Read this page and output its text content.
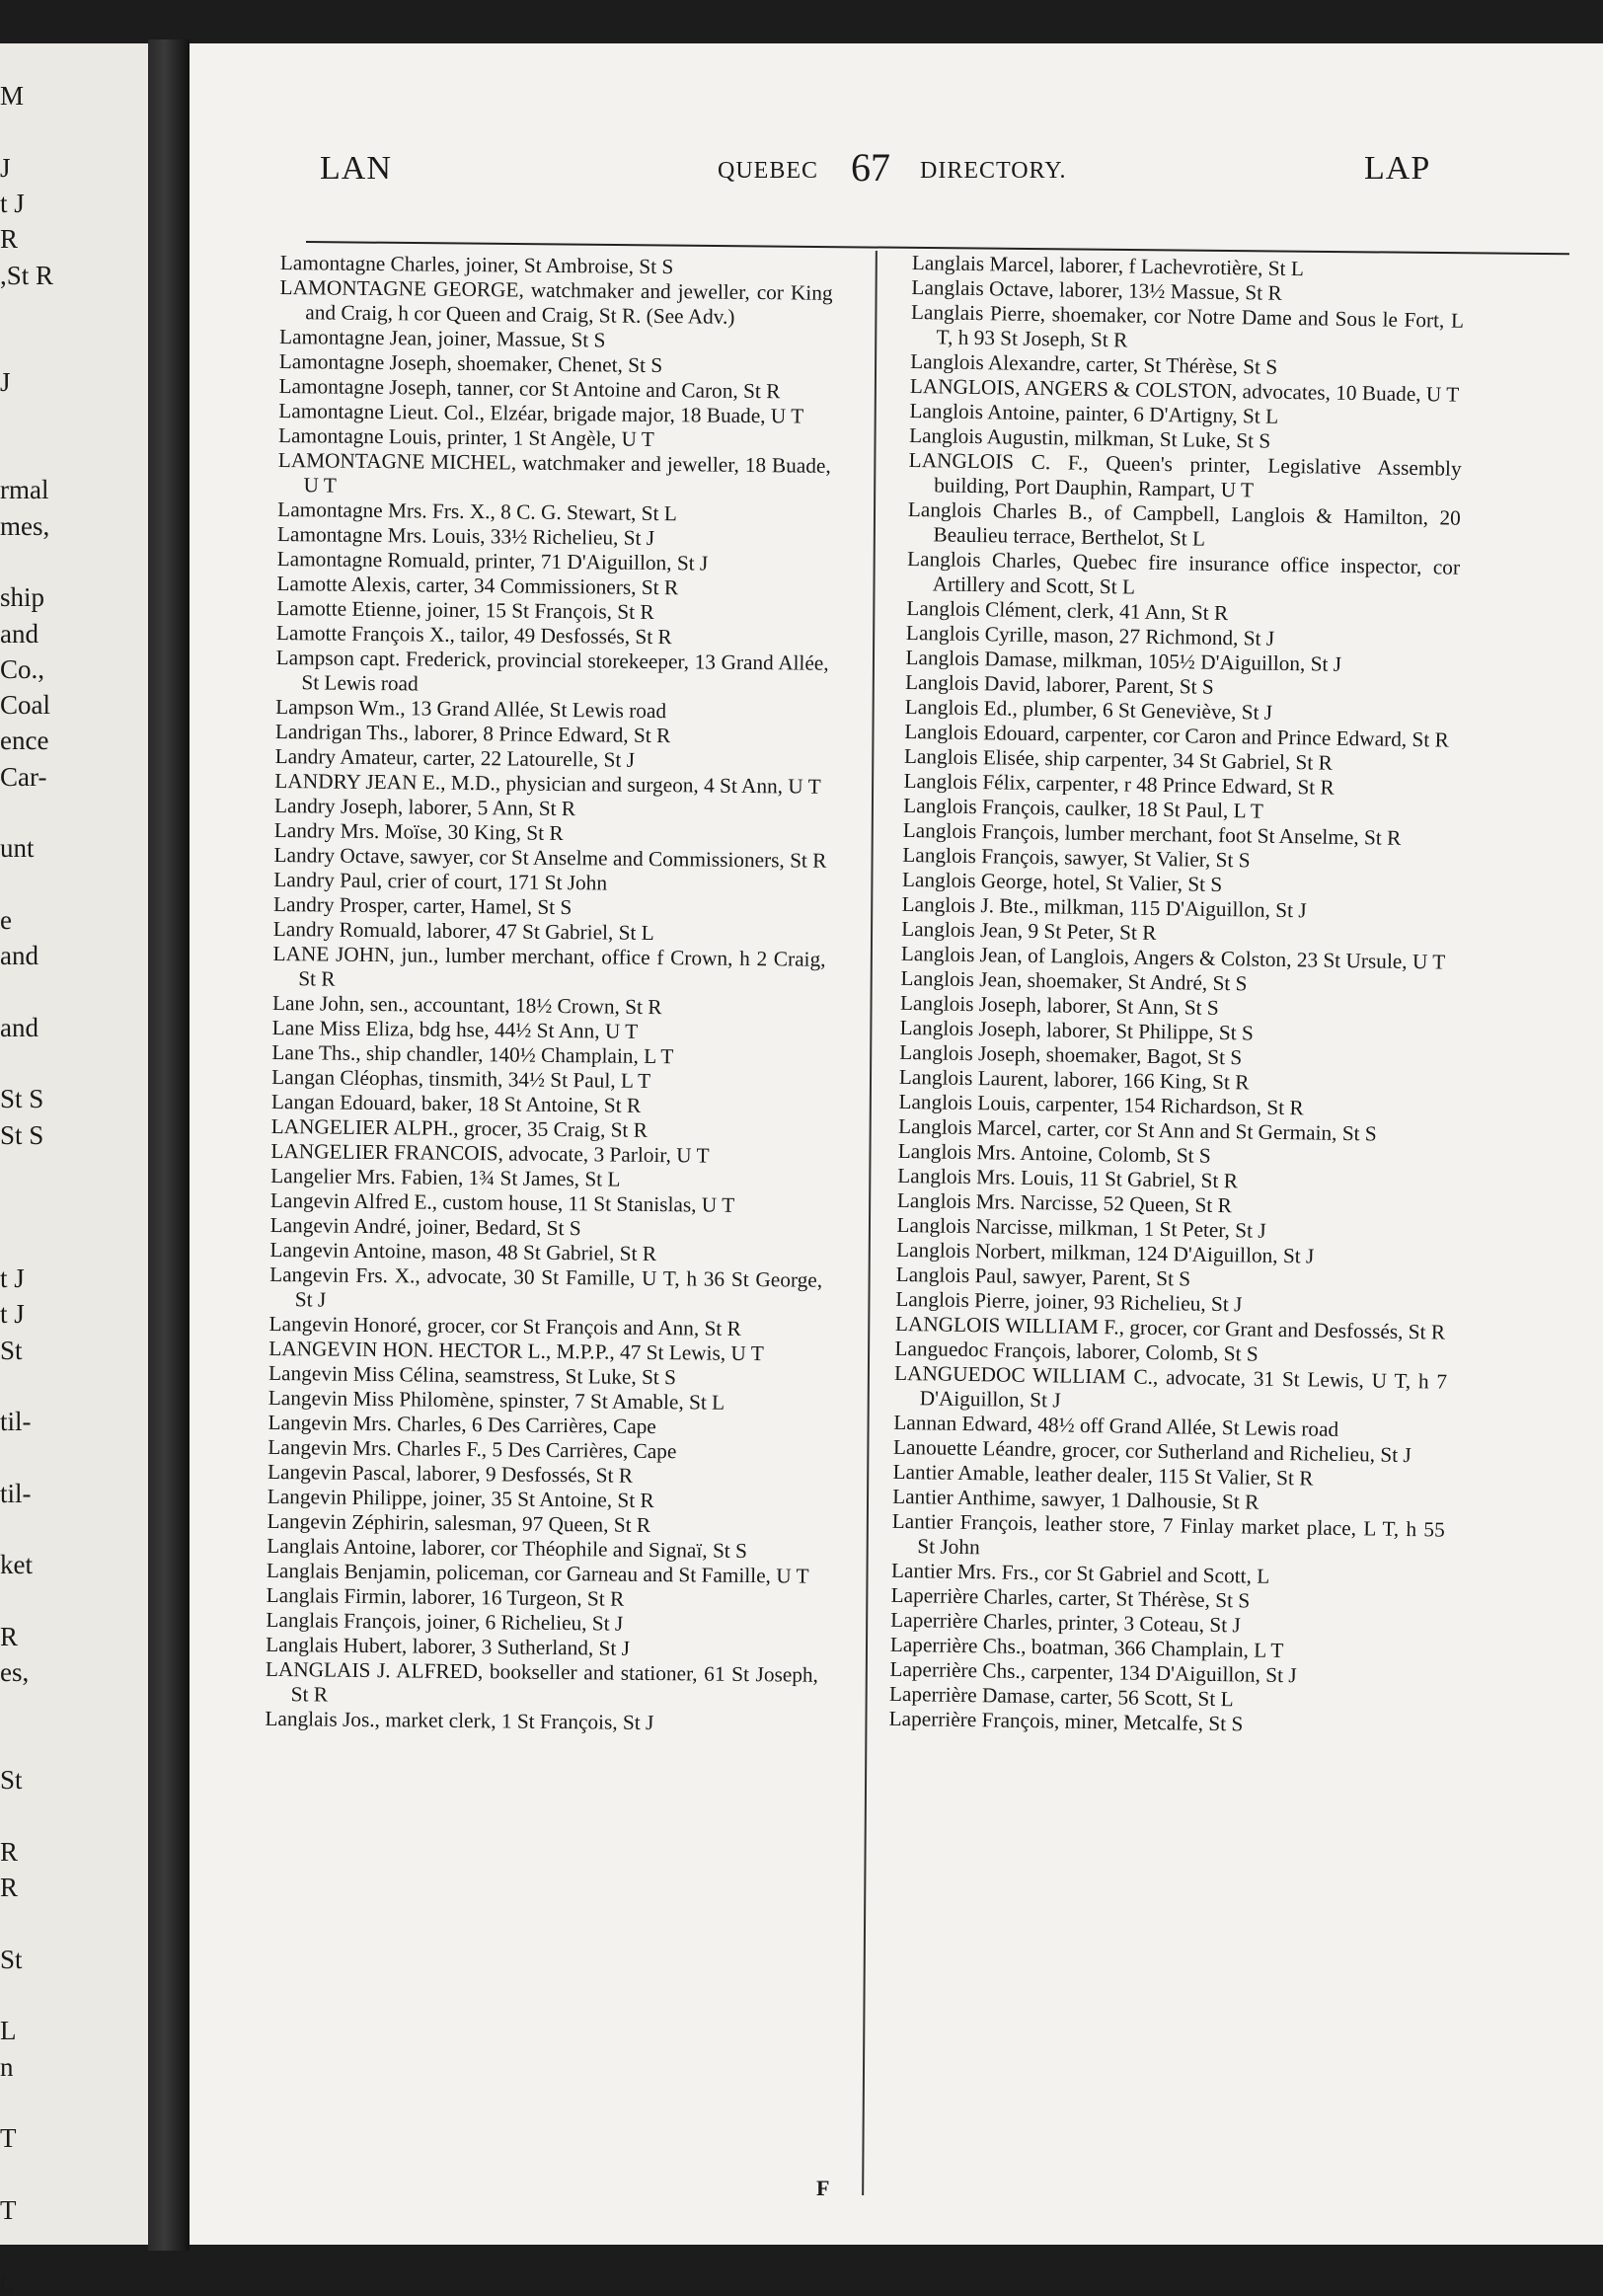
M
J
t J
R
,St R
J
rmal
mes,
ship
and
Co.,
Coal
ence
Car-
unt
e
and
and
St S
St S
t J
t J
St
til-
til-
ket
R
es,
St
R
R
St
L
n
T
T
t,
LAN	QUEBEC 67 DIRECTORY.	LAP

Lamontagne Charles, joiner, St Ambroise, St S

LAMONTAGNE GEORGE, watchmaker and jeweller, cor King and Craig, h cor Queen and Craig, St R. (See Adv.)

Lamontagne Jean, joiner, Massue, St S

Lamontagne Joseph, shoemaker, Chenet, St S

Lamontagne Joseph, tanner, cor St Antoine and Caron, St R

Lamontagne Lieut. Col., Elzéar, brigade major, 18 Buade, U T

Lamontagne Louis, printer, 1 St Angèle, U T

LAMONTAGNE MICHEL, watchmaker and jeweller, 18 Buade, U T

Lamontagne Mrs. Frs. X., 8 C. G. Stewart, St L

Lamontagne Mrs. Louis, 33½ Richelieu, St J

Lamontagne Romuald, printer, 71 D'Aiguillon, St J

Lamotte Alexis, carter, 34 Commissioners, St R

Lamotte Etienne, joiner, 15 St François, St R

Lamotte François X., tailor, 49 Desfossés, St R

Lampson capt. Frederick, provincial storekeeper, 13 Grand Allée, St Lewis road

Lampson Wm., 13 Grand Allée, St Lewis road

Landrigan Ths., laborer, 8 Prince Edward, St R

Landry Amateur, carter, 22 Latourelle, St J

LANDRY JEAN E., M.D., physician and surgeon, 4 St Ann, U T

Landry Joseph, laborer, 5 Ann, St R

Landry Mrs. Moïse, 30 King, St R

Landry Octave, sawyer, cor St Anselme and Commissioners, St R

Landry Paul, crier of court, 171 St John

Landry Prosper, carter, Hamel, St S

Landry Romuald, laborer, 47 St Gabriel, St L

LANE JOHN, jun., lumber merchant, office f Crown, h 2 Craig, St R

Lane John, sen., accountant, 18½ Crown, St R

Lane Miss Eliza, bdg hse, 44½ St Ann, U T

Lane Ths., ship chandler, 140½ Champlain, L T

Langan Cléophas, tinsmith, 34½ St Paul, L T

Langan Edouard, baker, 18 St Antoine, St R

LANGELIER ALPH., grocer, 35 Craig, St R

LANGELIER FRANCOIS, advocate, 3 Parloir, U T

Langelier Mrs. Fabien, 1¾ St James, St L

Langevin Alfred E., custom house, 11 St Stanislas, U T

Langevin André, joiner, Bedard, St S

Langevin Antoine, mason, 48 St Gabriel, St R

Langevin Frs. X., advocate, 30 St Famille, U T, h 36 St George, St J

Langevin Honoré, grocer, cor St François and Ann, St R

LANGEVIN HON. HECTOR L., M.P.P., 47 St Lewis, U T

Langevin Miss Célina, seamstress, St Luke, St S

Langevin Miss Philomène, spinster, 7 St Amable, St L

Langevin Mrs. Charles, 6 Des Carrières, Cape

Langevin Mrs. Charles F., 5 Des Carrières, Cape

Langevin Pascal, laborer, 9 Desfossés, St R

Langevin Philippe, joiner, 35 St Antoine, St R

Langevin Zéphirin, salesman, 97 Queen, St R

Langlais Antoine, laborer, cor Théophile and Signaï, St S

Langlais Benjamin, policeman, cor Garneau and St Famille, U T

Langlais Firmin, laborer, 16 Turgeon, St R

Langlais François, joiner, 6 Richelieu, St J

Langlais Hubert, laborer, 3 Sutherland, St J

LANGLAIS J. ALFRED, bookseller and stationer, 61 St Joseph, St R

Langlais Jos., market clerk, 1 St François, St J

Langlais Marcel, laborer, f Lachevrotière, St L

Langlais Octave, laborer, 13½ Massue, St R

Langlais Pierre, shoemaker, cor Notre Dame and Sous le Fort, L T, h 93 St Joseph, St R

Langlois Alexandre, carter, St Thérèse, St S

LANGLOIS, ANGERS & COLSTON, advocates, 10 Buade, U T

Langlois Antoine, painter, 6 D'Artigny, St L

Langlois Augustin, milkman, St Luke, St S

LANGLOIS C. F., Queen's printer, Legislative Assembly building, Port Dauphin, Rampart, U T

Langlois Charles B., of Campbell, Langlois & Hamilton, 20 Beaulieu terrace, Berthelot, St L

Langlois Charles, Quebec fire insurance office inspector, cor Artillery and Scott, St L

Langlois Clément, clerk, 41 Ann, St R

Langlois Cyrille, mason, 27 Richmond, St J

Langlois Damase, milkman, 105½ D'Aiguillon, St J

Langlois David, laborer, Parent, St S

Langlois Ed., plumber, 6 St Geneviève, St J

Langlois Edouard, carpenter, cor Caron and Prince Edward, St R

Langlois Elisée, ship carpenter, 34 St Gabriel, St R

Langlois Félix, carpenter, r 48 Prince Edward, St R

Langlois François, caulker, 18 St Paul, L T

Langlois François, lumber merchant, foot St Anselme, St R

Langlois François, sawyer, St Valier, St S

Langlois George, hotel, St Valier, St S

Langlois J. Bte., milkman, 115 D'Aiguillon, St J

Langlois Jean, 9 St Peter, St R

Langlois Jean, of Langlois, Angers & Colston, 23 St Ursule, U T

Langlois Jean, shoemaker, St André, St S

Langlois Joseph, laborer, St Ann, St S

Langlois Joseph, laborer, St Philippe, St S

Langlois Joseph, shoemaker, Bagot, St S

Langlois Laurent, laborer, 166 King, St R

Langlois Louis, carpenter, 154 Richardson, St R

Langlois Marcel, carter, cor St Ann and St Germain, St S

Langlois Mrs. Antoine, Colomb, St S

Langlois Mrs. Louis, 11 St Gabriel, St R

Langlois Mrs. Narcisse, 52 Queen, St R

Langlois Narcisse, milkman, 1 St Peter, St J

Langlois Norbert, milkman, 124 D'Aiguillon, St J

Langlois Paul, sawyer, Parent, St S

Langlois Pierre, joiner, 93 Richelieu, St J

LANGLOIS WILLIAM F., grocer, cor Grant and Desfossés, St R

Languedoc François, laborer, Colomb, St S

LANGUEDOC WILLIAM C., advocate, 31 St Lewis, U T, h 7 D'Aiguillon, St J

Lannan Edward, 48½ off Grand Allée, St Lewis road

Lanouette Léandre, grocer, cor Sutherland and Richelieu, St J

Lantier Amable, leather dealer, 115 St Valier, St R

Lantier Anthime, sawyer, 1 Dalhousie, St R

Lantier François, leather store, 7 Finlay market place, L T, h 55 St John

Lantier Mrs. Frs., cor St Gabriel and Scott, L

Laperrière Charles, carter, St Thérèse, St S

Laperrière Charles, printer, 3 Coteau, St J

Laperrière Chs., boatman, 366 Champlain, L T

Laperrière Chs., carpenter, 134 D'Aiguillon, St J

Laperrière Damase, carter, 56 Scott, St L

Laperrière François, miner, Metcalfe, St S

F
